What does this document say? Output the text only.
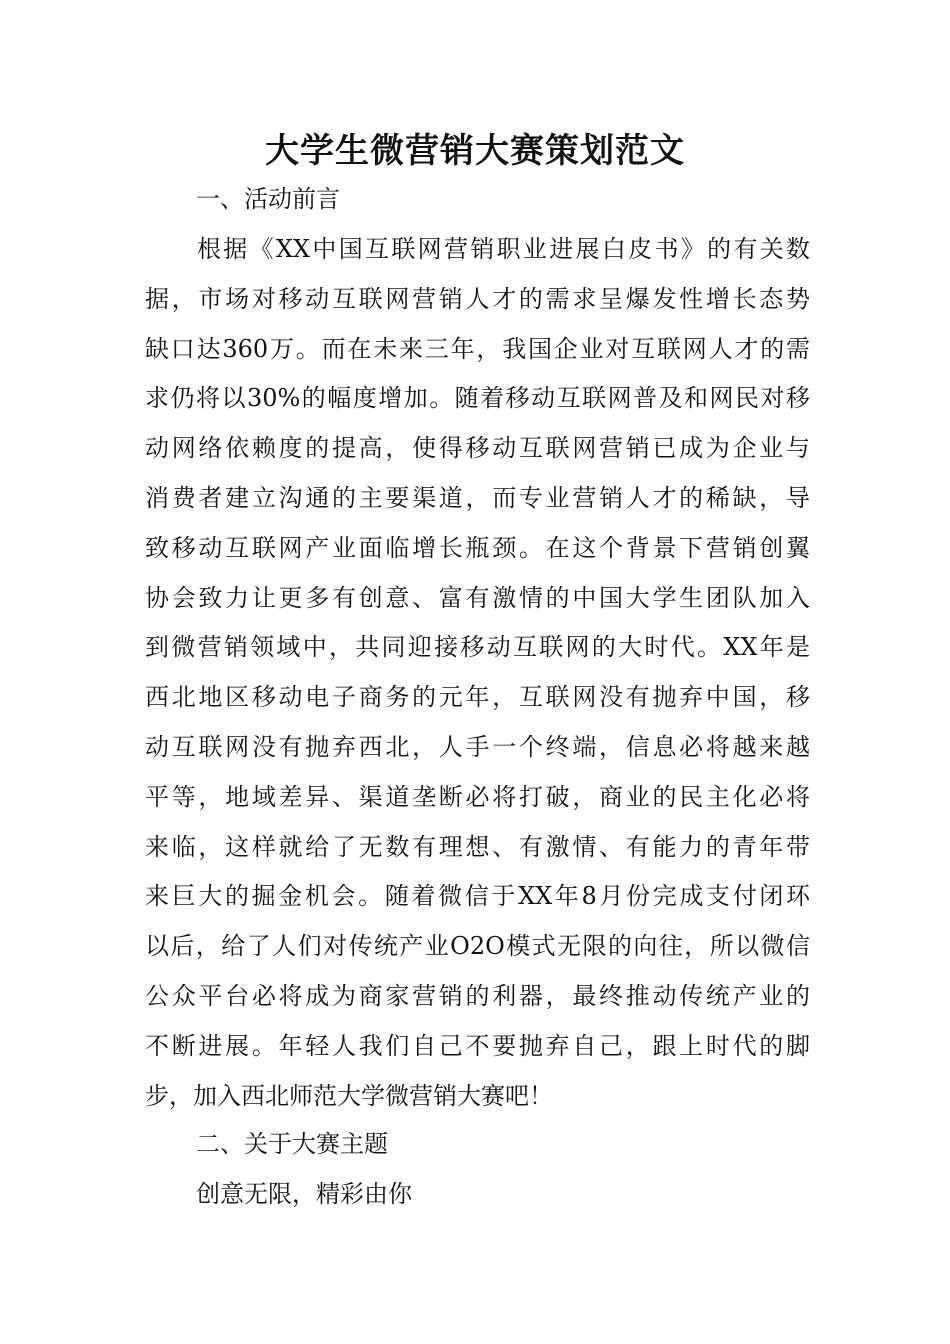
大学生微营销大赛策划范文
一、活动前言
根据《XX中国互联网营销职业进展白皮书》的有关数
据，市场对移动互联网营销人才的需求呈爆发性增长态势
缺口达360万。而在未来三年，我国企业对互联网人才的需
求仍将以30%的幅度增加。随着移动互联网普及和网民对移
动网络依赖度的提高，使得移动互联网营销已成为企业与
消费者建立沟通的主要渠道，而专业营销人才的稀缺，导
致移动互联网产业面临增长瓶颈。在这个背景下营销创翼
协会致力让更多有创意、富有激情的中国大学生团队加入
到微营销领域中，共同迎接移动互联网的大时代。XX年是
西北地区移动电子商务的元年，互联网没有抛弃中国，移
动互联网没有抛弃西北，人手一个终端，信息必将越来越
平等，地域差异、渠道垄断必将打破，商业的民主化必将
来临，这样就给了无数有理想、有激情、有能力的青年带
来巨大的掘金机会。随着微信于XX年8月份完成支付闭环
以后，给了人们对传统产业O2O模式无限的向往，所以微信
公众平台必将成为商家营销的利器，最终推动传统产业的
不断进展。年轻人我们自己不要抛弃自己，跟上时代的脚
步，加入西北师范大学微营销大赛吧！
二、关于大赛主题
创意无限，精彩由你
